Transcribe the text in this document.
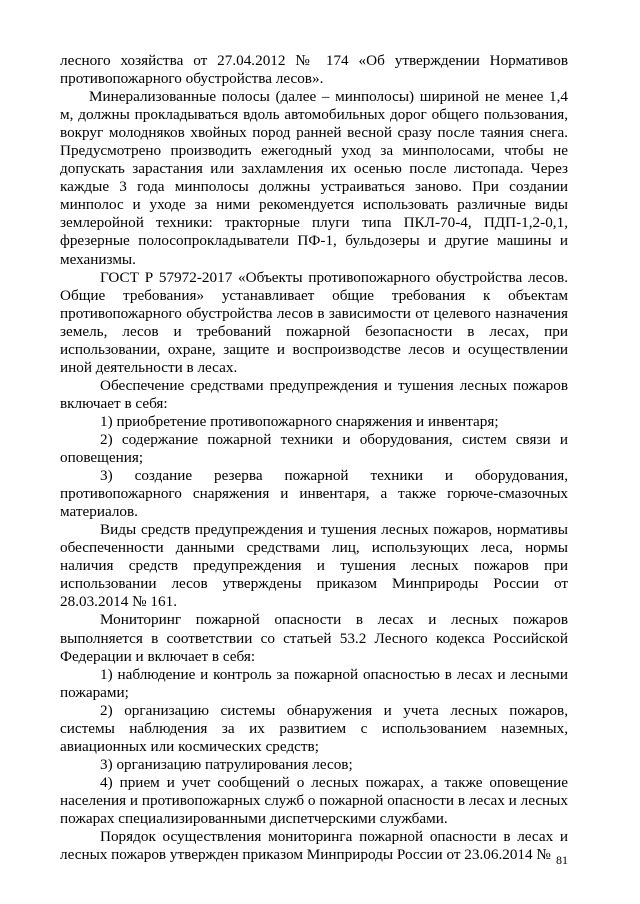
лесного хозяйства от 27.04.2012 № 174 «Об утверждении Нормативов противопожарного обустройства лесов».

Минерализованные полосы (далее – минполосы) шириной не менее 1,4 м, должны прокладываться вдоль автомобильных дорог общего пользования, вокруг молодняков хвойных пород ранней весной сразу после таяния снега. Предусмотрено производить ежегодный уход за минполосами, чтобы не допускать зарастания или захламления их осенью после листопада. Через каждые 3 года минполосы должны устраиваться заново. При создании минполос и уходе за ними рекомендуется использовать различные виды землеройной техники: тракторные плуги типа ПКЛ-70-4, ПДП-1,2-0,1, фрезерные полосопрокладыватели ПФ-1, бульдозеры и другие машины и механизмы.

ГОСТ Р 57972-2017 «Объекты противопожарного обустройства лесов. Общие требования» устанавливает общие требования к объектам противопожарного обустройства лесов в зависимости от целевого назначения земель, лесов и требований пожарной безопасности в лесах, при использовании, охране, защите и воспроизводстве лесов и осуществлении иной деятельности в лесах.

Обеспечение средствами предупреждения и тушения лесных пожаров включает в себя:

1) приобретение противопожарного снаряжения и инвентаря;

2) содержание пожарной техники и оборудования, систем связи и оповещения;

3) создание резерва пожарной техники и оборудования, противопожарного снаряжения и инвентаря, а также горюче-смазочных материалов.

Виды средств предупреждения и тушения лесных пожаров, нормативы обеспеченности данными средствами лиц, использующих леса, нормы наличия средств предупреждения и тушения лесных пожаров при использовании лесов утверждены приказом Минприроды России от 28.03.2014 № 161.

Мониторинг пожарной опасности в лесах и лесных пожаров выполняется в соответствии со статьей 53.2 Лесного кодекса Российской Федерации и включает в себя:

1) наблюдение и контроль за пожарной опасностью в лесах и лесными пожарами;

2) организацию системы обнаружения и учета лесных пожаров, системы наблюдения за их развитием с использованием наземных, авиационных или космических средств;

3) организацию патрулирования лесов;

4) прием и учет сообщений о лесных пожарах, а также оповещение населения и противопожарных служб о пожарной опасности в лесах и лесных пожарах специализированными диспетчерскими службами.

Порядок осуществления мониторинга пожарной опасности в лесах и лесных пожаров утвержден приказом Минприроды России от 23.06.2014 № 81
